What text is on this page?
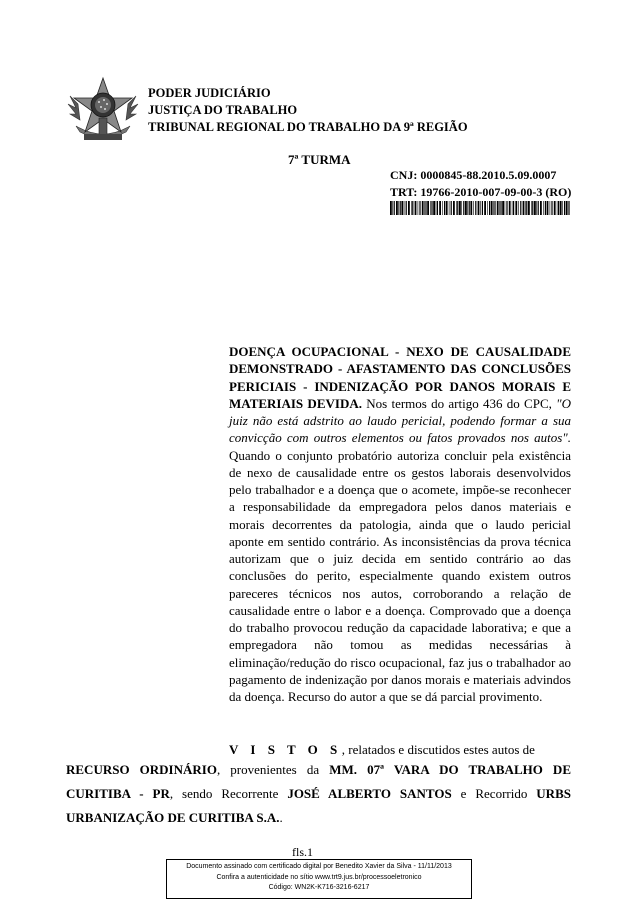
PODER JUDICIÁRIO
JUSTIÇA DO TRABALHO
TRIBUNAL REGIONAL DO TRABALHO DA 9ª REGIÃO
7ª TURMA
CNJ: 0000845-88.2010.5.09.0007
TRT: 19766-2010-007-09-00-3 (RO)
DOENÇA OCUPACIONAL - NEXO DE CAUSALIDADE DEMONSTRADO - AFASTAMENTO DAS CONCLUSÕES PERICIAIS - INDENIZAÇÃO POR DANOS MORAIS E MATERIAIS DEVIDA. Nos termos do artigo 436 do CPC, "O juiz não está adstrito ao laudo pericial, podendo formar a sua convicção com outros elementos ou fatos provados nos autos". Quando o conjunto probatório autoriza concluir pela existência de nexo de causalidade entre os gestos laborais desenvolvidos pelo trabalhador e a doença que o acomete, impõe-se reconhecer a responsabilidade da empregadora pelos danos materiais e morais decorrentes da patologia, ainda que o laudo pericial aponte em sentido contrário. As inconsistências da prova técnica autorizam que o juiz decida em sentido contrário ao das conclusões do perito, especialmente quando existem outros pareceres técnicos nos autos, corroborando a relação de causalidade entre o labor e a doença. Comprovado que a doença do trabalho provocou redução da capacidade laborativa; e que a empregadora não tomou as medidas necessárias à eliminação/redução do risco ocupacional, faz jus o trabalhador ao pagamento de indenização por danos morais e materiais advindos da doença. Recurso do autor a que se dá parcial provimento.
V I S T O S, relatados e discutidos estes autos de
RECURSO ORDINÁRIO, provenientes da MM. 07ª VARA DO TRABALHO DE CURITIBA - PR, sendo Recorrente JOSÉ ALBERTO SANTOS e Recorrido URBS URBANIZAÇÃO DE CURITIBA S.A..
fls.1
Documento assinado com certificado digital por Benedito Xavier da Silva - 11/11/2013
Confira a autenticidade no sítio www.trt9.jus.br/processoeletronico
Código: WN2K-K716-3216-6217
